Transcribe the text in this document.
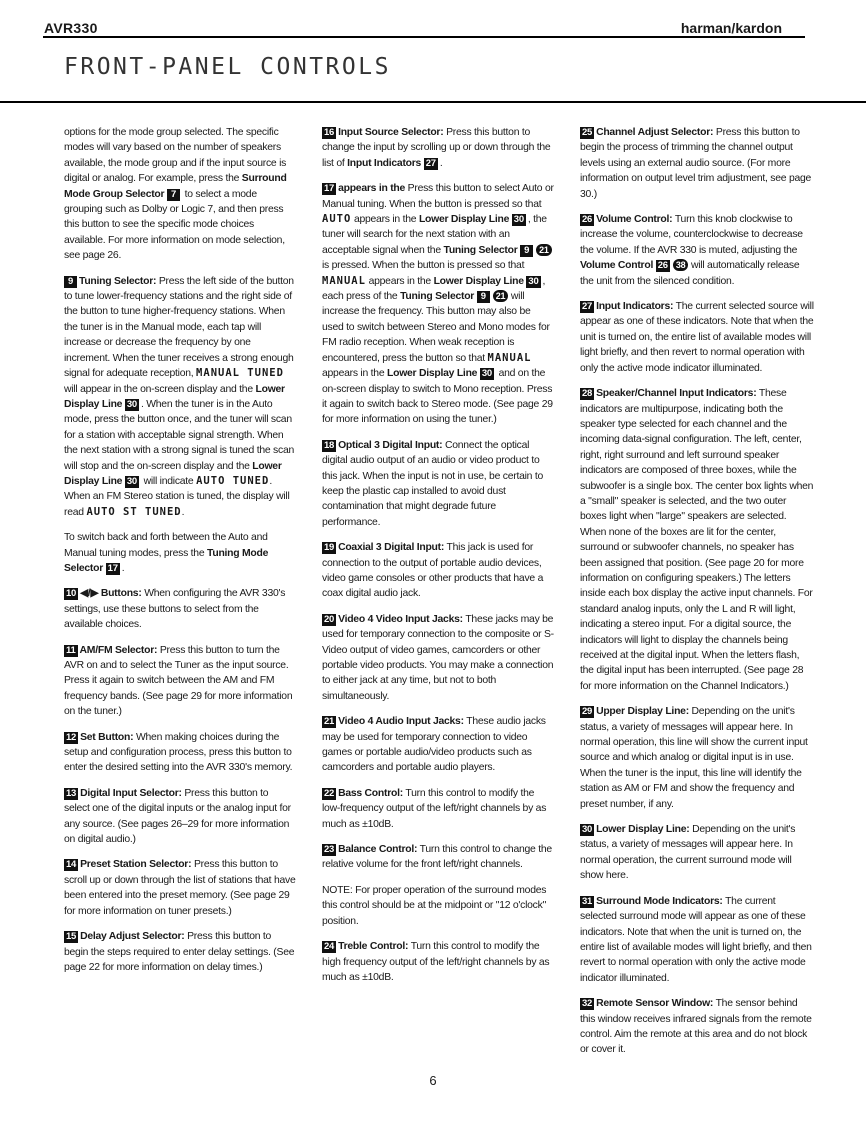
AVR330	harman/kardon
FRONT-PANEL CONTROLS

options for the mode group selected. The specific modes will vary based on the number of speakers available, the mode group and if the input source is digital or analog. For example, press the Surround Mode Group Selector 7 to select a mode grouping such as Dolby or Logic 7, and then press this button to see the specific mode choices available. For more information on mode selection, see page 26.

9 Tuning Selector: Press the left side of the button to tune lower-frequency stations and the right side of the button to tune higher-frequency stations. When the tuner is in the Manual mode, each tap will increase or decrease the frequency by one increment. When the tuner receives a strong enough signal for adequate reception, MANUAL TUNED will appear in the on-screen display and the Lower Display Line 30 . When the tuner is in the Auto mode, press the button once, and the tuner will scan for a station with acceptable signal strength. When the next station with a strong signal is tuned the scan will stop and the on-screen display and the Lower Display Line 30 will indicate AUTO TUNED. When an FM Stereo station is tuned, the display will read AUTO ST TUNED.

To switch back and forth between the Auto and Manual tuning modes, press the Tuning Mode Selector 17 .

10 ◀/▶ Buttons: When configuring the AVR 330's settings, use these buttons to select from the available choices.

11 AM/FM Selector: Press this button to turn the AVR on and to select the Tuner as the input source. Press it again to switch between the AM and FM frequency bands. (See page 29 for more information on the tuner.)

12 Set Button: When making choices during the setup and configuration process, press this button to enter the desired setting into the AVR 330's memory.

13 Digital Input Selector: Press this button to select one of the digital inputs or the analog input for any source. (See pages 26–29 for more information on digital audio.)

14 Preset Station Selector: Press this button to scroll up or down through the list of stations that have been entered into the preset memory. (See page 29 for more information on tuner presets.)

15 Delay Adjust Selector: Press this button to begin the steps required to enter delay settings. (See page 22 for more information on delay times.)

16 Input Source Selector: Press this button to change the input by scrolling up or down through the list of Input Indicators 27 .

17 appears in the Press this button to select Auto or Manual tuning. When the button is pressed so that AUTO appears in the Lower Display Line 30 , the tuner will search for the next station with an acceptable signal when the Tuning Selector 9 21 is pressed. When the button is pressed so that MANUAL appears in the Lower Display Line 30 , each press of the Tuning Selector 9 21 will increase the frequency. This button may also be used to switch between Stereo and Mono modes for FM radio reception. When weak reception is encountered, press the button so that MANUAL appears in the Lower Display Line 30 and on the on-screen display to switch to Mono reception. Press it again to switch back to Stereo mode. (See page 29 for more information on using the tuner.)

18 Optical 3 Digital Input: Connect the optical digital audio output of an audio or video product to this jack. When the input is not in use, be certain to keep the plastic cap installed to avoid dust contamination that might degrade future performance.

19 Coaxial 3 Digital Input: This jack is used for connection to the output of portable audio devices, video game consoles or other products that have a coax digital audio jack.

20 Video 4 Video Input Jacks: These jacks may be used for temporary connection to the composite or S-Video output of video games, camcorders or other portable video products. You may make a connection to either jack at any time, but not to both simultaneously.

21 Video 4 Audio Input Jacks: These audio jacks may be used for temporary connection to video games or portable audio/video products such as camcorders and portable audio players.

22 Bass Control: Turn this control to modify the low-frequency output of the left/right channels by as much as ±10dB.

23 Balance Control: Turn this control to change the relative volume for the front left/right channels.

NOTE: For proper operation of the surround modes this control should be at the midpoint or "12 o'clock" position.

24 Treble Control: Turn this control to modify the high frequency output of the left/right channels by as much as ±10dB.

25 Channel Adjust Selector: Press this button to begin the process of trimming the channel output levels using an external audio source. (For more information on output level trim adjustment, see page 30.)

26 Volume Control: Turn this knob clockwise to increase the volume, counterclockwise to decrease the volume. If the AVR 330 is muted, adjusting the Volume Control 26 38 will automatically release the unit from the silenced condition.

27 Input Indicators: The current selected source will appear as one of these indicators. Note that when the unit is turned on, the entire list of available modes will light briefly, and then revert to normal operation with only the active mode indicator illuminated.

28 Speaker/Channel Input Indicators: These indicators are multipurpose, indicating both the speaker type selected for each channel and the incoming data-signal configuration. The left, center, right, right surround and left surround speaker indicators are composed of three boxes, while the subwoofer is a single box. The center box lights when a "small" speaker is selected, and the two outer boxes light when "large" speakers are selected. When none of the boxes are lit for the center, surround or subwoofer channels, no speaker has been assigned that position. (See page 20 for more information on configuring speakers.) The letters inside each box display the active input channels. For standard analog inputs, only the L and R will light, indicating a stereo input. For a digital source, the indicators will light to display the channels being received at the digital input. When the letters flash, the digital input has been interrupted. (See page 28 for more information on the Channel Indicators.)

29 Upper Display Line: Depending on the unit's status, a variety of messages will appear here. In normal operation, this line will show the current input source and which analog or digital input is in use. When the tuner is the input, this line will identify the station as AM or FM and show the frequency and preset number, if any.

30 Lower Display Line: Depending on the unit's status, a variety of messages will appear here. In normal operation, the current surround mode will show here.

31 Surround Mode Indicators: The current selected surround mode will appear as one of these indicators. Note that when the unit is turned on, the entire list of available modes will light briefly, and then revert to normal operation with only the active mode indicator illuminated.

32 Remote Sensor Window: The sensor behind this window receives infrared signals from the remote control. Aim the remote at this area and do not block or cover it.

6
